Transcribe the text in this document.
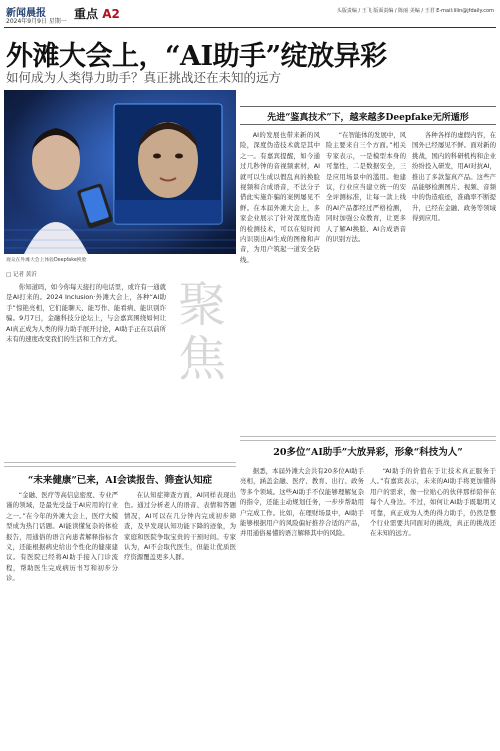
新闻晨报
2024年9月9日 星期一
重点 A2	头版责编 / 王飞 版面责编 / 陈丽 美编 / 王君 E-mail:lilin@jfdaily.com
外滩大会上，“AI助手”绽放异彩
如何成为人类得力助手？真正挑战还在未知的远方
观众在外滩大会上体验Deepfake换脸
□ 记者 黄沂

你知道吗，如今你每天接打的电话里，或许有一通就是AI打来的。2024 Inclusion·外滩大会上，各种“AI助手”惊艳亮相，它们能聊天、能写作、能看病、能识别诈骗。9月7日，金融科技分论坛上，与会嘉宾围绕如何让AI真正成为人类的得力助手展开讨论，AI助手正在以前所未有的速度改变我们的生活和工作方式。

聚焦
先进“鉴真技术”下，越来越多Deepfake无所遁形

AI的发展也带来新的风险，深度伪造技术就是其中之一。有嘉宾提醒，如今通过几秒钟的音视频素材，AI就可以生成以假乱真的换脸视频和合成语音，不法分子借此实施诈骗的案例屡见不鲜。在本届外滩大会上，多家企业展示了针对深度伪造的检测技术，可以在短时间内识别出AI生成的图像和声音，为用户筑起一道安全防线。

“在智能体的发展中，风险主要来自三个方面。”相关专家表示，一是模型本身的可靠性，二是数据安全，三是应用场景中的滥用。他建议，行业应当建立统一的安全评测标准，让每一款上线的AI产品都经过严格检测，同时加强公众教育，让更多人了解AI换脸、AI合成语音的识别方法。

各种各样的虚假内容，在国外已经屡见不鲜。面对新的挑战，国内的科研机构和企业纷纷投入研发，用AI对抗AI，推出了多款鉴真产品。这些产品能够检测图片、视频、音频中的伪造痕迹，准确率不断提升，已经在金融、政务等领域得到应用。

20多位“AI助手”大放异彩，形象“科技为人”
“未来健康”已来，AI会读报告、筛查认知症

“金融、医疗等高信息密度、专业严谨的领域，是最先受益于AI应用的行业之一。”在今年的外滩大会上，医疗大模型成为热门话题。AI能读懂复杂的体检报告，用通俗的语言向患者解释指标含义，还能根据病史给出个性化的健康建议。有医院已经将AI助手接入门诊流程，帮助医生完成病历书写和初步分诊。

在认知症筛查方面，AI同样表现出色。通过分析老人的语音、表情和答题情况，AI可以在几分钟内完成初步筛查，及早发现认知功能下降的迹象，为家庭和医院争取宝贵的干预时间。专家认为，AI不会取代医生，但能让优质医疗资源覆盖更多人群。

据悉，本届外滩大会共有20多位AI助手亮相，涵盖金融、医疗、教育、出行、政务等多个领域。这些AI助手不仅能够理解复杂的指令，还能主动规划任务，一步步帮助用户完成工作。比如，在理财场景中，AI助手能够根据用户的风险偏好推荐合适的产品，并用通俗易懂的语言解释其中的风险。

“AI助手的价值在于让技术真正服务于人。”有嘉宾表示，未来的AI助手将更加懂得用户的需求，像一位贴心的伙伴那样陪伴在每个人身边。不过，如何让AI助手既聪明又可靠，真正成为人类的得力助手，仍然是整个行业需要共同面对的挑战，真正的挑战还在未知的远方。
